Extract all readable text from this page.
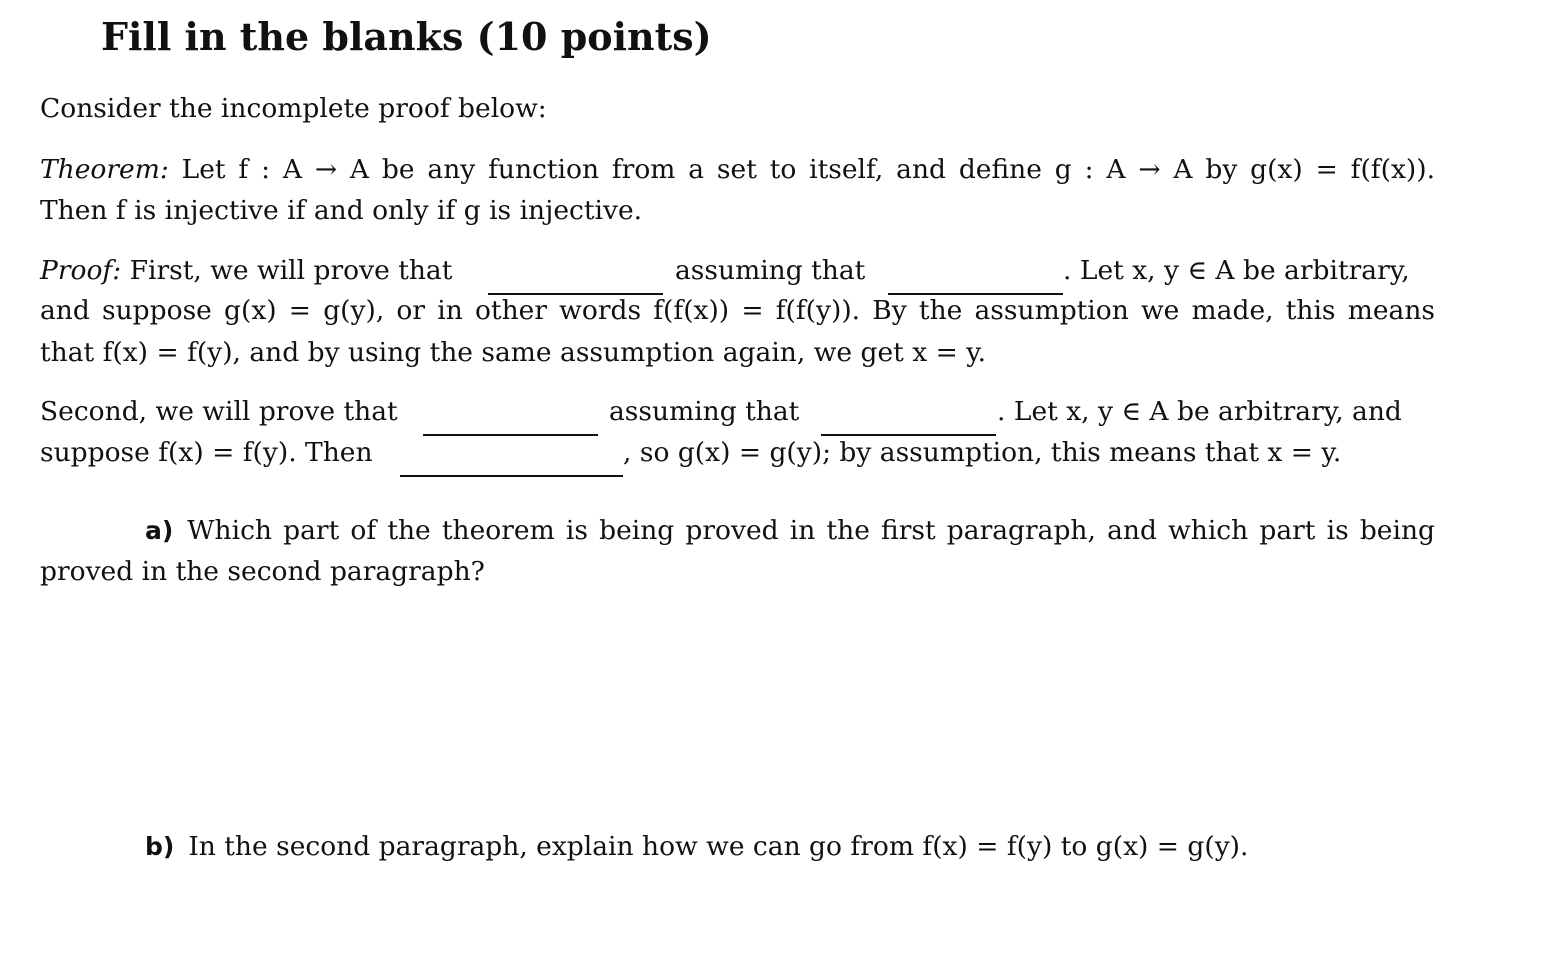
Fill in the blanks (10 points)
Consider the incomplete proof below:
Theorem: Let f : A → A be any function from a set to itself, and define g : A → A by g(x) = f(f(x)).
Then f is injective if and only if g is injective.
Proof: First, we will prove that	assuming that	. Let x, y ∈ A be arbitrary,
and suppose g(x) = g(y), or in other words f(f(x)) = f(f(y)). By the assumption we made, this means
that f(x) = f(y), and by using the same assumption again, we get x = y.
Second, we will prove that	assuming that	. Let x, y ∈ A be arbitrary, and
suppose f(x) = f(y). Then	, so g(x) = g(y); by assumption, this means that x = y.
a) Which part of the theorem is being proved in the first paragraph, and which part is being
proved in the second paragraph?
b) In the second paragraph, explain how we can go from f(x) = f(y) to g(x) = g(y).
